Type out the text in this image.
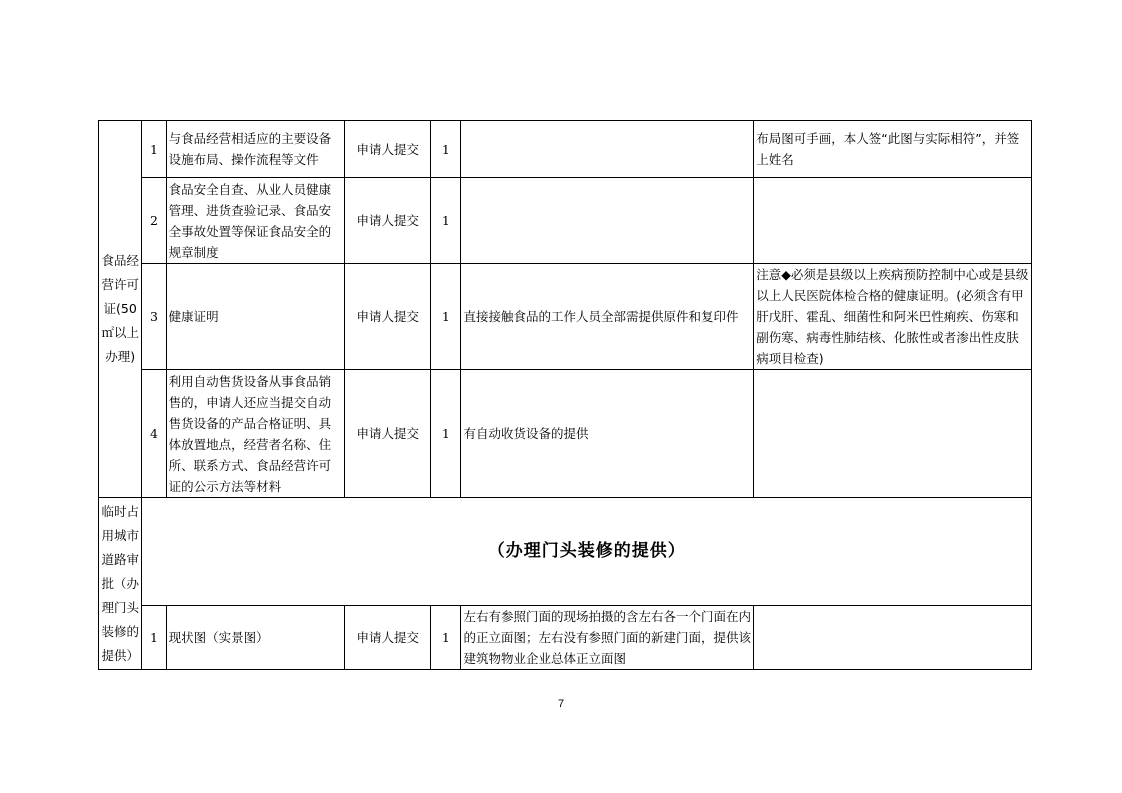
食品经营许可证(50㎡以上办理)	1	与食品经营相适应的主要设备设施布局、操作流程等文件	申请人提交	1		布局图可手画，本人签“此图与实际相符”，并签上姓名
	2	食品安全自查、从业人员健康管理、进货查验记录、食品安全事故处置等保证食品安全的规章制度	申请人提交	1		
	3	健康证明	申请人提交	1	直接接触食品的工作人员全部需提供原件和复印件	注意◆必须是县级以上疾病预防控制中心或是县级以上人民医院体检合格的健康证明。(必须含有甲肝戊肝、霍乱、细菌性和阿米巴性痢疾、伤寒和副伤寒、病毒性肺结核、化脓性或者渗出性皮肤病项目检查)
	4	利用自动售货设备从事食品销售的，申请人还应当提交自动售货设备的产品合格证明、具体放置地点，经营者名称、住所、联系方式、食品经营许可证的公示方法等材料	申请人提交	1	有自动收货设备的提供	

临时占用城市道路审批（办理门头装修的提供）	（办理门头装修的提供）					
	1	现状图（实景图）	申请人提交	1	左右有参照门面的现场拍摄的含左右各一个门面在内的正立面图；左右没有参照门面的新建门面，提供该建筑物物业企业总体正立面图	
7
